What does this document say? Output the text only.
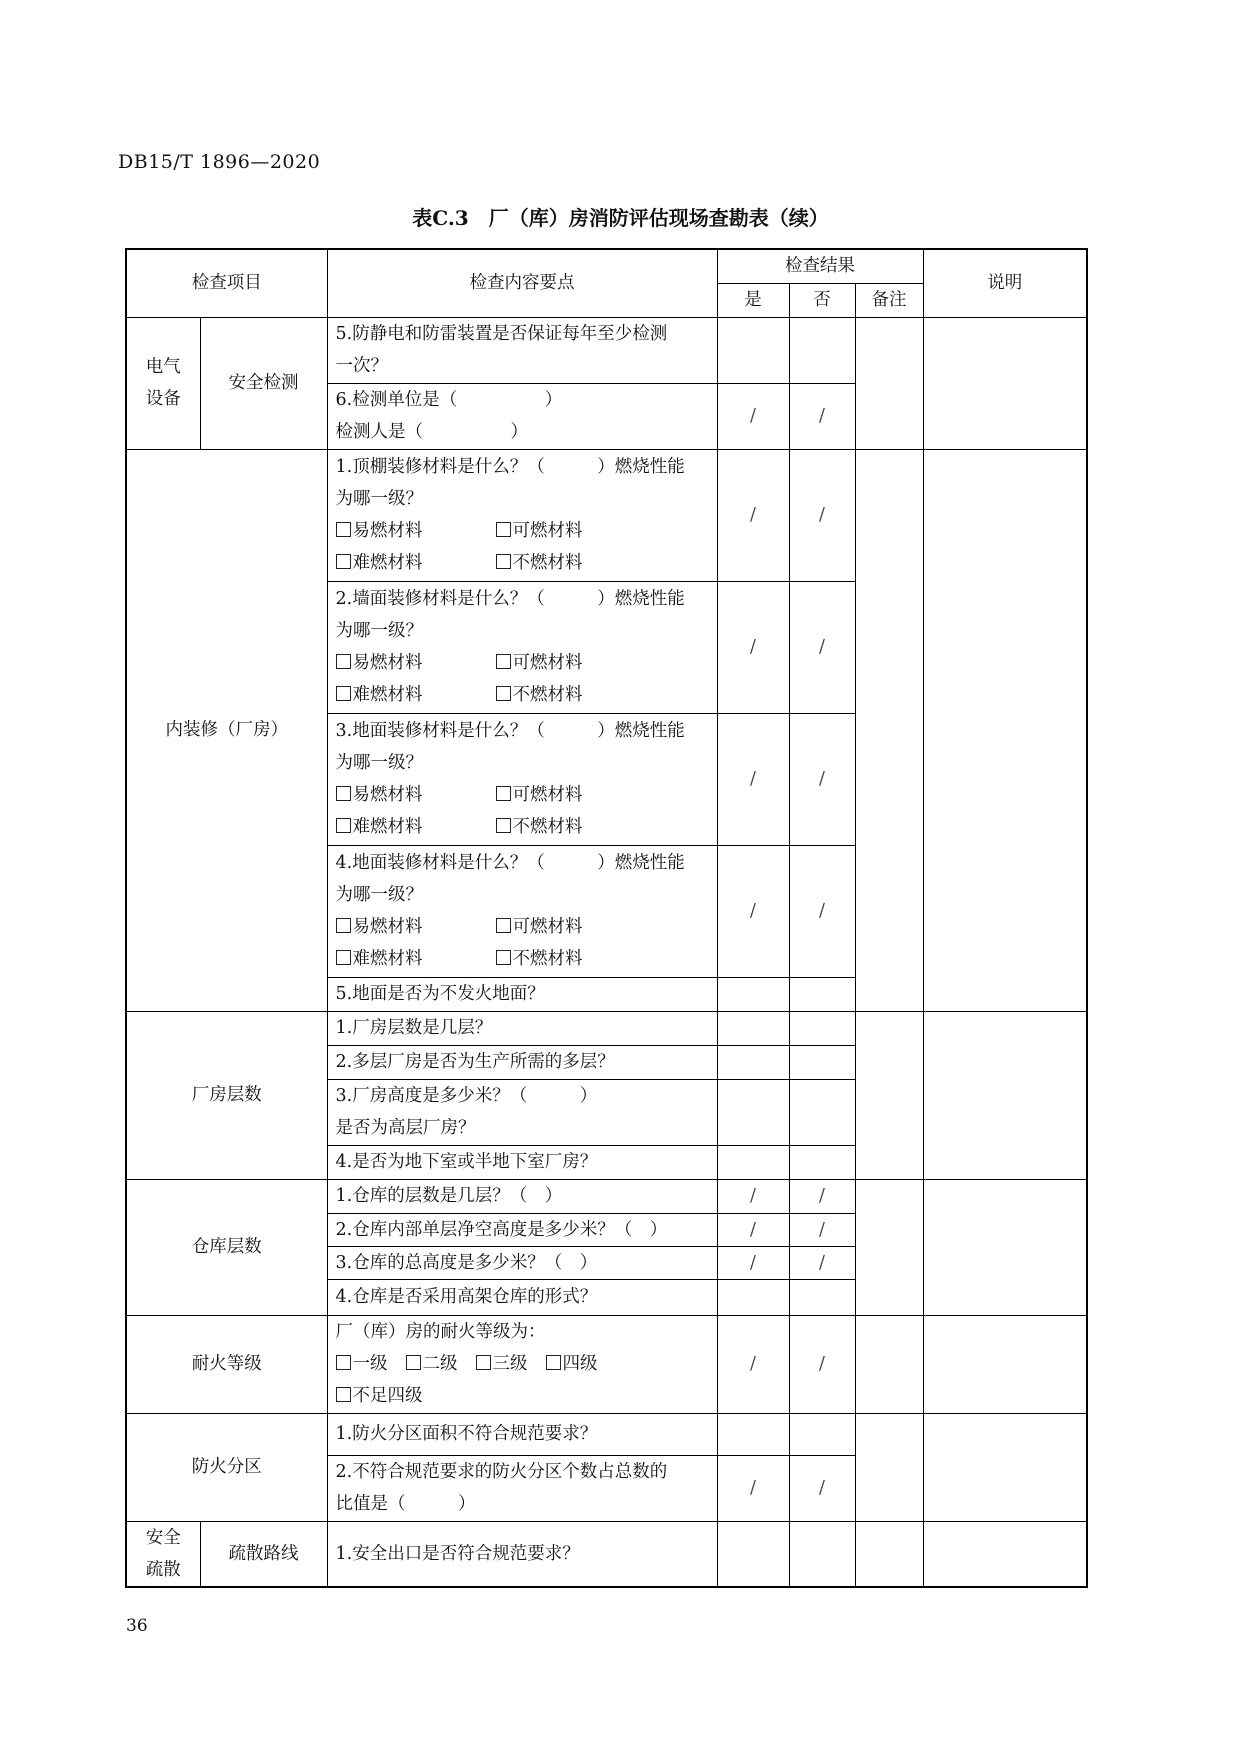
DB15/T 1896—2020
表C.3　厂（库）房消防评估现场查勘表（续）
检查项目		检查内容要点	检查结果			说明
			是	否	备注	

电气
设备	安全检测	5.防静电和防雷装置是否保证每年至少检测
一次？				

		6.检测单位是（　　　　　）
检测人是（　　　　　）	/	/		
内装修（厂房）		1.顶棚装修材料是什么？（　　　）燃烧性能
为哪一级？
易燃材料 可燃材料
难燃材料 不燃材料	/	/		

		2.墙面装修材料是什么？（　　　）燃烧性能
为哪一级？
易燃材料 可燃材料
难燃材料 不燃材料	/	/		

		3.地面装修材料是什么？（　　　）燃烧性能
为哪一级？
易燃材料 可燃材料
难燃材料 不燃材料	/	/		

		4.地面装修材料是什么？（　　　）燃烧性能
为哪一级？
易燃材料 可燃材料
难燃材料 不燃材料	/	/		

		5.地面是否为不发火地面？				

厂房层数		1.厂房层数是几层？				

		2.多层厂房是否为生产所需的多层？				

		3.厂房高度是多少米？（　　　）
是否为高层厂房？				

		4.是否为地下室或半地下室厂房？				

仓库层数		1.仓库的层数是几层？（　）	/	/		

		2.仓库内部单层净空高度是多少米？（　）	/	/		

		3.仓库的总高度是多少米？（　）	/	/		

		4.仓库是否采用高架仓库的形式？				

耐火等级		厂（库）房的耐火等级为：
一级 二级 三级 四级
不足四级	/	/		
防火分区		1.防火分区面积不符合规范要求？				

		2.不符合规范要求的防火分区个数占总数的
比值是（　　　）	/	/		

安全
疏散	疏散路线	1.安全出口是否符合规范要求？				

36
